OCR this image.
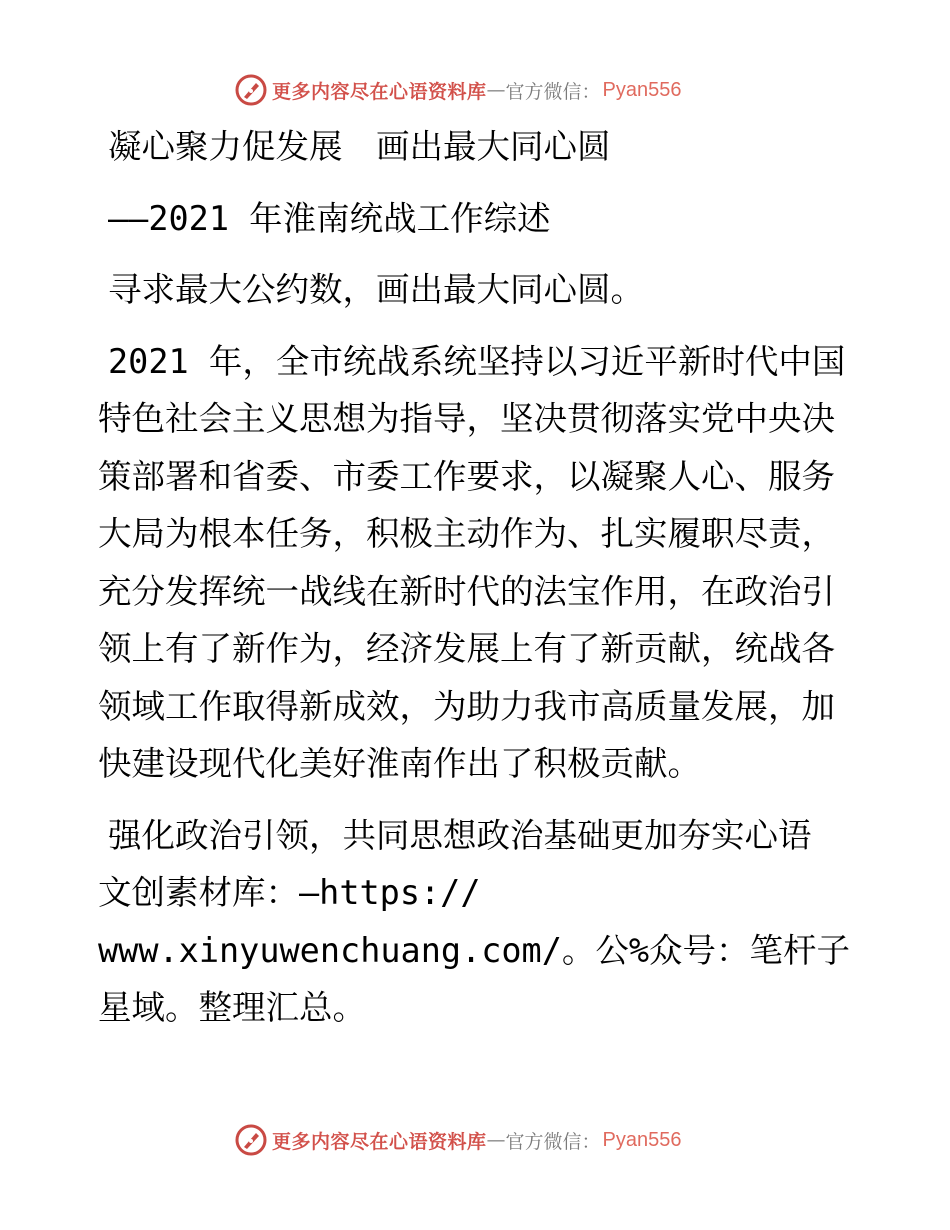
更多内容尽在心语资料库 — 官方微信： Pyan556

凝心聚力促发展　画出最大同心圆

——2021 年淮南统战工作综述

寻求最大公约数，画出最大同心圆。

2021 年，全市统战系统坚持以习近平新时代中国特色社会主义思想为指导，坚决贯彻落实党中央决策部署和省委、市委工作要求，以凝聚人心、服务大局为根本任务，积极主动作为、扎实履职尽责，充分发挥统一战线在新时代的法宝作用，在政治引领上有了新作为，经济发展上有了新贡献，统战各领域工作取得新成效，为助力我市高质量发展，加快建设现代化美好淮南作出了积极贡献。

强化政治引领，共同思想政治基础更加夯实心语
文创素材库：—https://
www.xinyuwenchuang.com/。公%众号：笔杆子星域。整理汇总。
更多内容尽在心语资料库 — 官方微信： Pyan556
